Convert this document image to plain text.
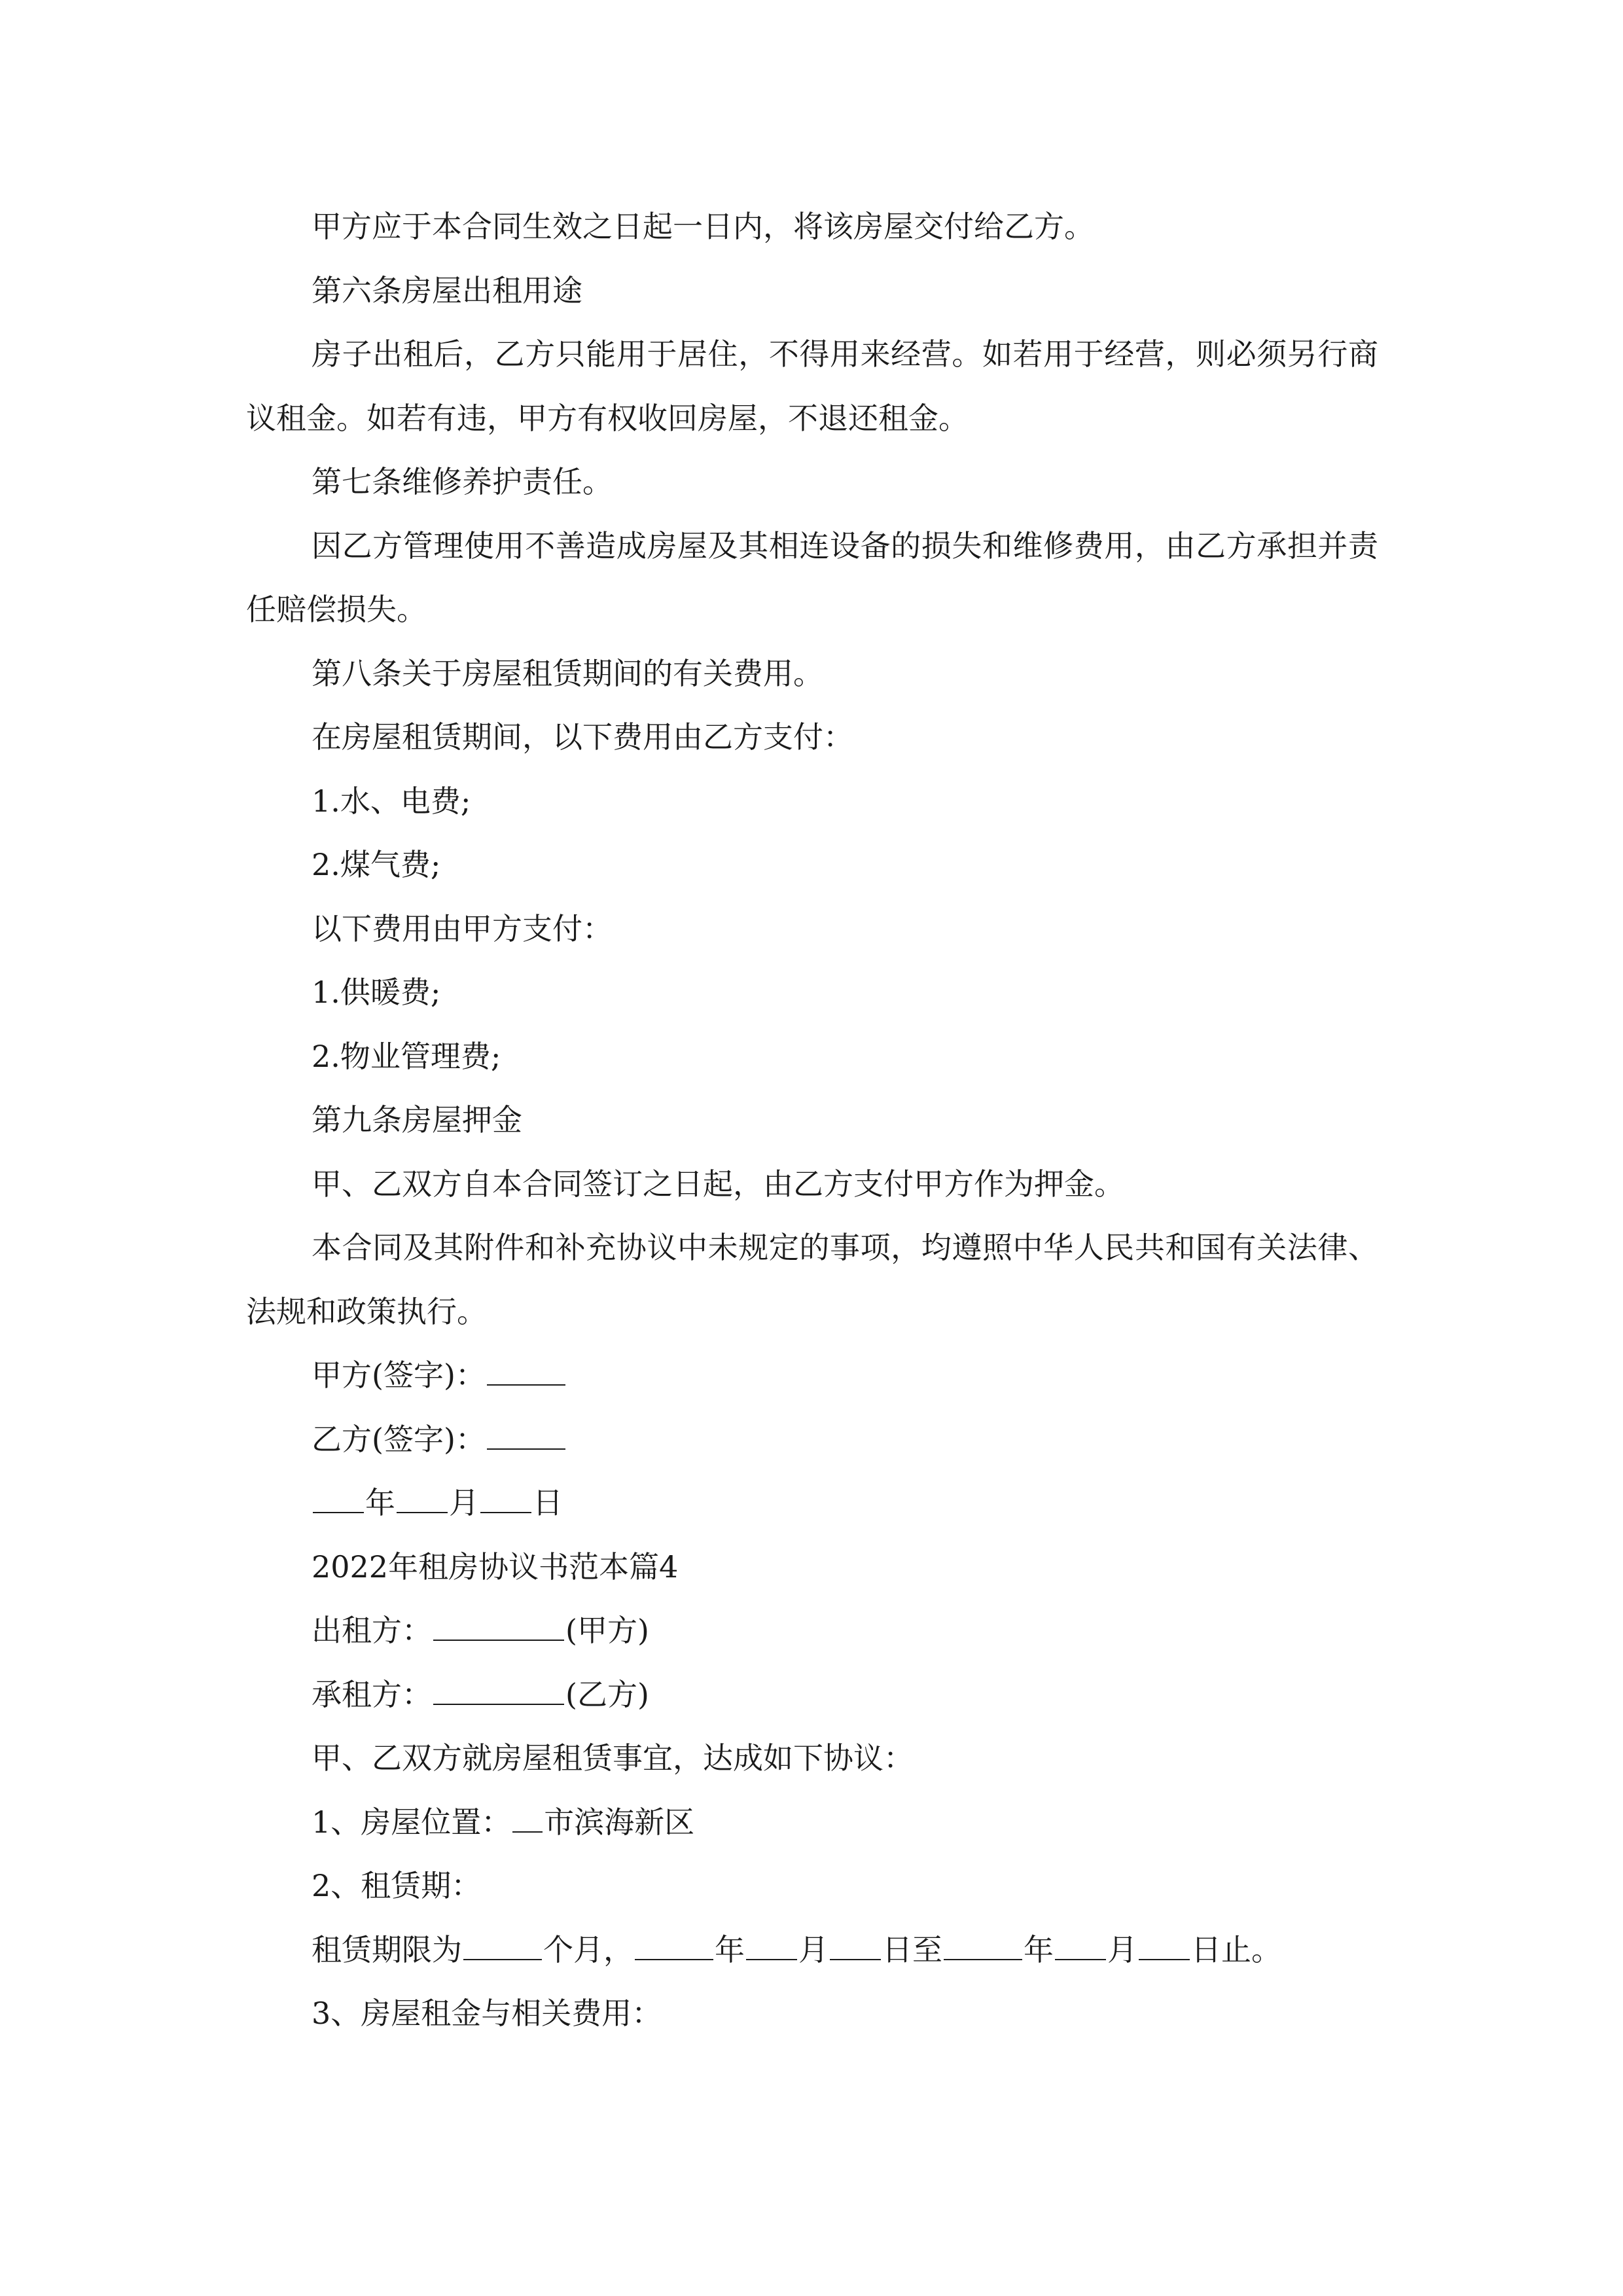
甲方应于本合同生效之日起一日内，将该房屋交付给乙方。

第六条房屋出租用途

房子出租后，乙方只能用于居住，不得用来经营。如若用于经营，则必须另行商议租金。如若有违，甲方有权收回房屋，不退还租金。

第七条维修养护责任。

因乙方管理使用不善造成房屋及其相连设备的损失和维修费用，由乙方承担并责任赔偿损失。

第八条关于房屋租赁期间的有关费用。

在房屋租赁期间，以下费用由乙方支付：

1.水、电费;

2.煤气费;

以下费用由甲方支付：

1.供暖费;

2.物业管理费;

第九条房屋押金

甲、乙双方自本合同签订之日起，由乙方支付甲方作为押金。

本合同及其附件和补充协议中未规定的事项，均遵照中华人民共和国有关法律、法规和政策执行。

甲方(签字)：

乙方(签字)：

年 月 日

2022年租房协议书范本篇4

出租方：	(甲方)

承租方：	(乙方)

甲、乙双方就房屋租赁事宜，达成如下协议：

1、房屋位置： 市滨海新区

2、租赁期：

租赁期限为	个月，	年 月 日至	年 月 日止。

3、房屋租金与相关费用：
